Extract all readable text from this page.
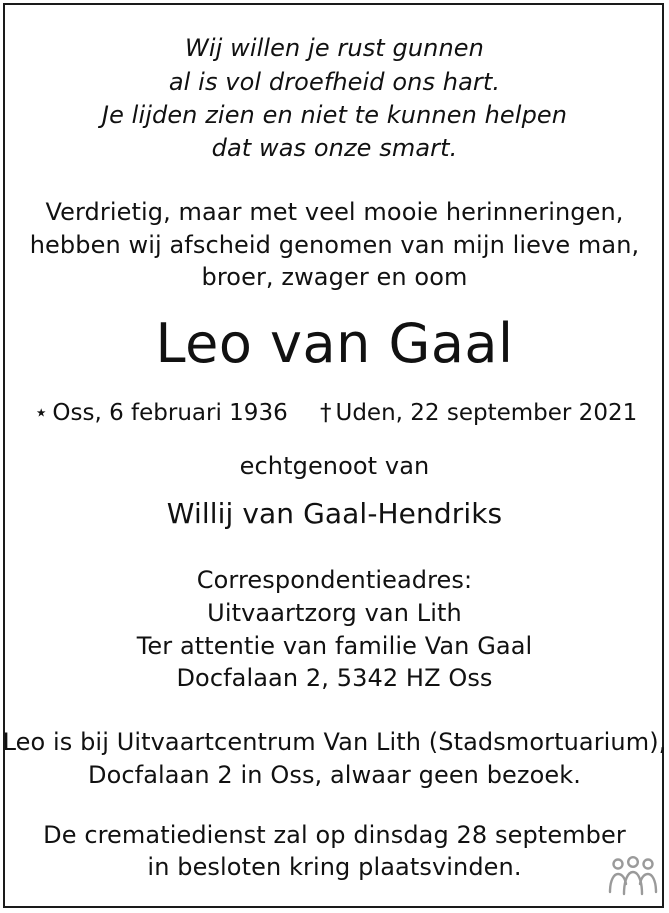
Wij willen je rust gunnen
al is vol droefheid ons hart.
Je lijden zien en niet te kunnen helpen
dat was onze smart.
Verdrietig, maar met veel mooie herinneringen,
hebben wij afscheid genomen van mijn lieve man,
broer, zwager en oom
Leo van Gaal
⋆ Oss, 6 februari 1936 † Uden, 22 september 2021
echtgenoot van
Willij van Gaal-Hendriks
Correspondentieadres:
Uitvaartzorg van Lith
Ter attentie van familie Van Gaal
Docfalaan 2, 5342 HZ Oss
Leo is bij Uitvaartcentrum Van Lith (Stadsmortuarium),
Docfalaan 2 in Oss, alwaar geen bezoek.
De crematiedienst zal op dinsdag 28 september
in besloten kring plaatsvinden.
